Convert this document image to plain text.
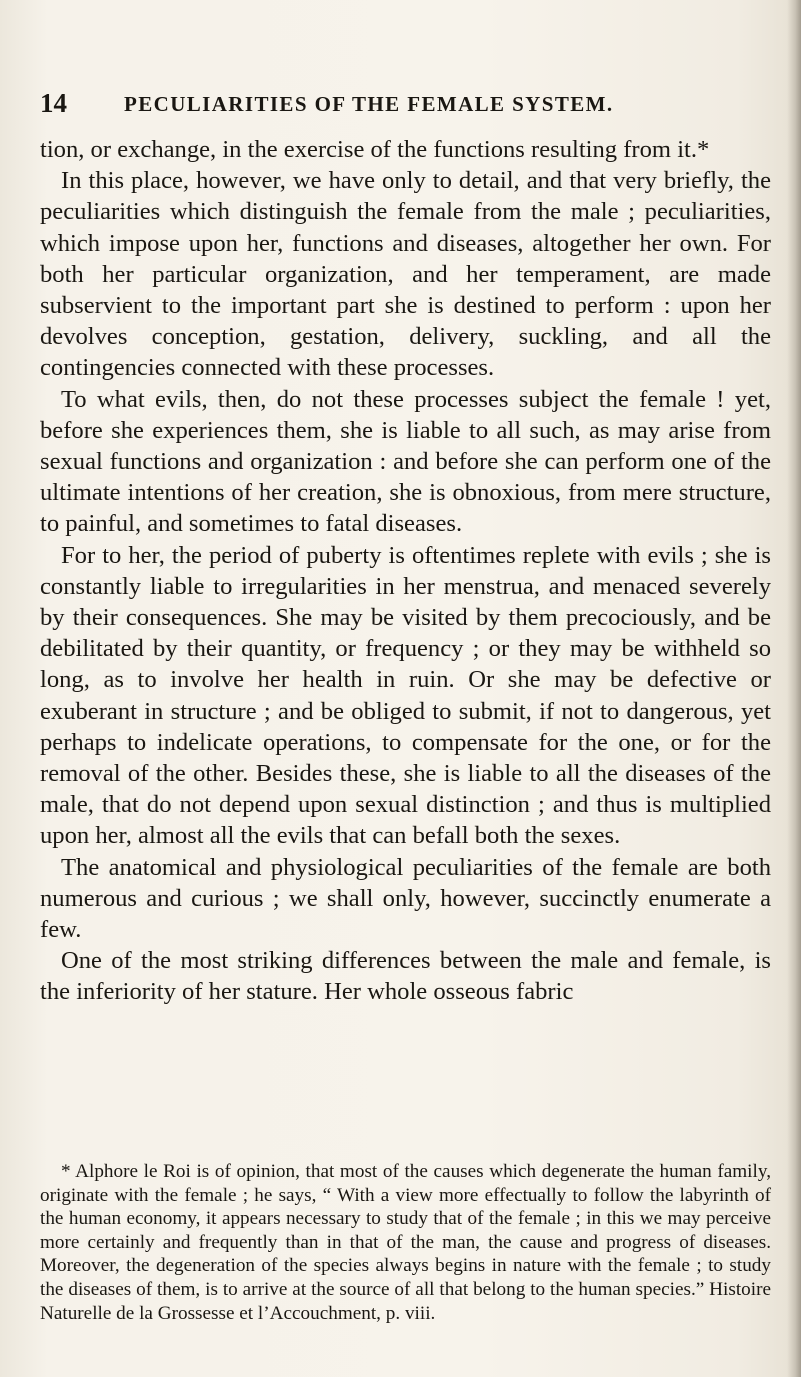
14	PECULIARITIES OF THE FEMALE SYSTEM.

tion, or exchange, in the exercise of the functions resulting from it.*

In this place, however, we have only to detail, and that very briefly, the peculiarities which distinguish the female from the male ; peculiarities, which impose upon her, functions and diseases, altogether her own. For both her particular organization, and her temperament, are made subservient to the important part she is destined to perform : upon her devolves conception, gestation, delivery, suckling, and all the contingencies connected with these processes.

To what evils, then, do not these processes subject the female ! yet, before she experiences them, she is liable to all such, as may arise from sexual functions and organization : and before she can perform one of the ultimate intentions of her creation, she is obnoxious, from mere structure, to painful, and sometimes to fatal diseases.

For to her, the period of puberty is oftentimes replete with evils ; she is constantly liable to irregularities in her menstrua, and menaced severely by their consequences. She may be visited by them precociously, and be debilitated by their quantity, or frequency ; or they may be withheld so long, as to involve her health in ruin. Or she may be defective or exuberant in structure ; and be obliged to submit, if not to dangerous, yet perhaps to indelicate operations, to compensate for the one, or for the removal of the other. Besides these, she is liable to all the diseases of the male, that do not depend upon sexual distinction ; and thus is multiplied upon her, almost all the evils that can befall both the sexes.

The anatomical and physiological peculiarities of the female are both numerous and curious ; we shall only, however, succinctly enumerate a few.

One of the most striking differences between the male and female, is the inferiority of her stature. Her whole osseous fabric

* Alphore le Roi is of opinion, that most of the causes which degenerate the human family, originate with the female ; he says, “ With a view more effectually to follow the labyrinth of the human economy, it appears necessary to study that of the female ; in this we may perceive more certainly and frequently than in that of the man, the cause and progress of diseases. Moreover, the degeneration of the species always begins in nature with the female ; to study the diseases of them, is to arrive at the source of all that belong to the human species.” Histoire Naturelle de la Grossesse et l’Accouchment, p. viii.
